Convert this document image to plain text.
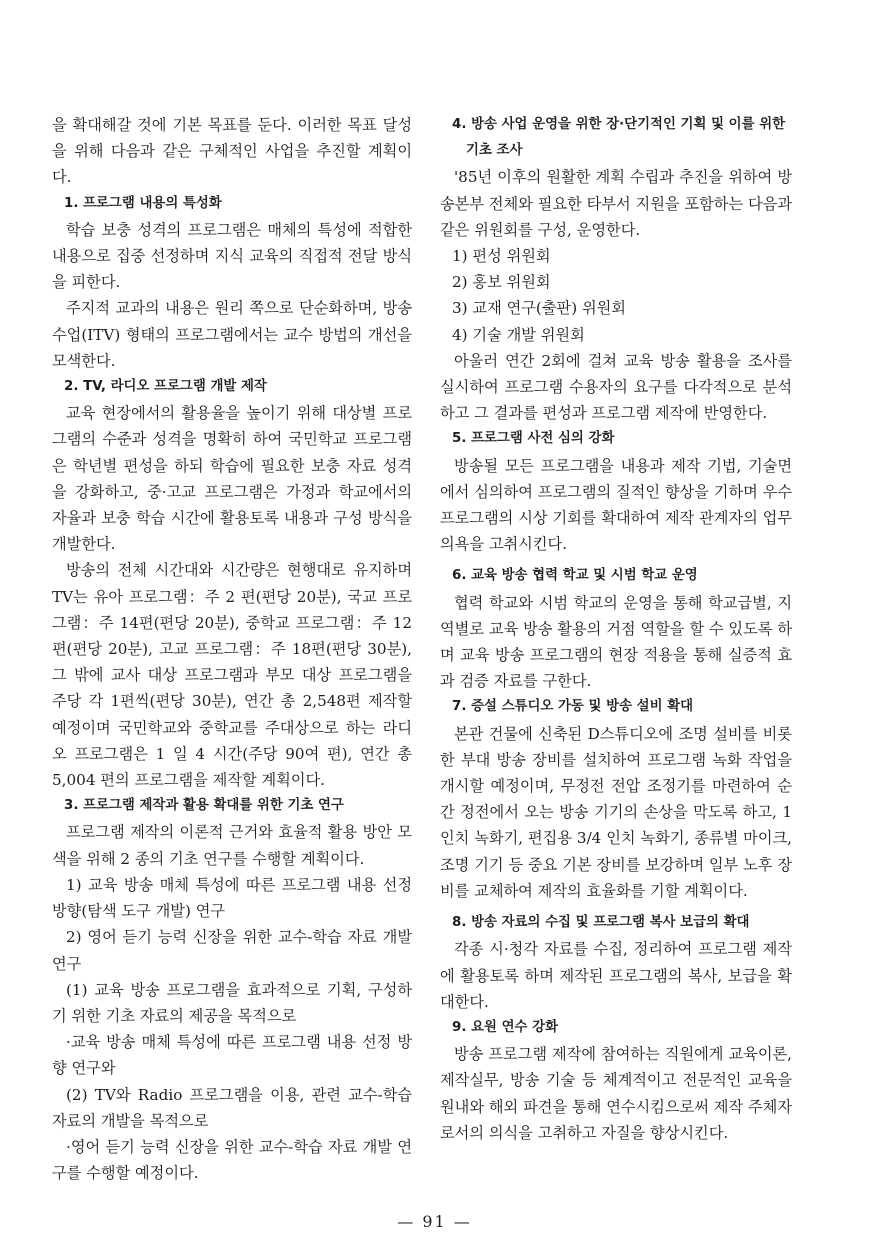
을 확대해갈 것에 기본 목표를 둔다. 이러한 목표 달성을 위해 다음과 같은 구체적인 사업을 추진할 계획이다.

1. 프로그램 내용의 특성화

학습 보충 성격의 프로그램은 매체의 특성에 적합한 내용으로 집중 선정하며 지식 교육의 직접적 전달 방식을 피한다.

주지적 교과의 내용은 원리 쪽으로 단순화하며, 방송 수업(ITV) 형태의 프로그램에서는 교수 방법의 개선을 모색한다.

2. TV, 라디오 프로그램 개발 제작

교육 현장에서의 활용율을 높이기 위해 대상별 프로그램의 수준과 성격을 명확히 하여 국민학교 프로그램은 학년별 편성을 하되 학습에 필요한 보충 자료 성격을 강화하고, 중·고교 프로그램은 가정과 학교에서의 자율과 보충 학습 시간에 활용토록 내용과 구성 방식을 개발한다.

방송의 전체 시간대와 시간량은 현행대로 유지하며 TV는 유아 프로그램：주 2 편(편당 20분), 국교 프로그램：주 14편(편당 20분), 중학교 프로그램：주 12편(편당 20분), 고교 프로그램：주 18편(편당 30분), 그 밖에 교사 대상 프로그램과 부모 대상 프로그램을 주당 각 1편씩(편당 30분), 연간 총 2,548편 제작할 예정이며 국민학교와 중학교를 주대상으로 하는 라디오 프로그램은 1 일 4 시간(주당 90여 편), 연간 총 5,004 편의 프로그램을 제작할 계획이다.

3. 프로그램 제작과 활용 확대를 위한 기초 연구

프로그램 제작의 이론적 근거와 효율적 활용 방안 모색을 위해 2 종의 기초 연구를 수행할 계획이다.

1) 교육 방송 매체 특성에 따른 프로그램 내용 선정 방향(탐색 도구 개발) 연구

2) 영어 듣기 능력 신장을 위한 교수-학습 자료 개발 연구

(1) 교육 방송 프로그램을 효과적으로 기획, 구성하기 위한 기초 자료의 제공을 목적으로

·교육 방송 매체 특성에 따른 프로그램 내용 선정 방향 연구와

(2) TV와 Radio 프로그램을 이용, 관련 교수-학습 자료의 개발을 목적으로

·영어 듣기 능력 신장을 위한 교수-학습 자료 개발 연구를 수행할 예정이다.

4. 방송 사업 운영을 위한 장·단기적인 기획 및 이를 위한 기초 조사

'85년 이후의 원활한 계획 수립과 추진을 위하여 방송본부 전체와 필요한 타부서 지원을 포함하는 다음과 같은 위원회를 구성, 운영한다.

1) 편성 위원회

2) 홍보 위원회

3) 교재 연구(출판) 위원회

4) 기술 개발 위원회

아울러 연간 2회에 걸쳐 교육 방송 활용을 조사를 실시하여 프로그램 수용자의 요구를 다각적으로 분석하고 그 결과를 편성과 프로그램 제작에 반영한다.

5. 프로그램 사전 심의 강화

방송될 모든 프로그램을 내용과 제작 기법, 기술면에서 심의하여 프로그램의 질적인 향상을 기하며 우수 프로그램의 시상 기회를 확대하여 제작 관계자의 업무 의욕을 고취시킨다.

6. 교육 방송 협력 학교 및 시범 학교 운영

협력 학교와 시범 학교의 운영을 통해 학교급별, 지역별로 교육 방송 활용의 거점 역할을 할 수 있도록 하며 교육 방송 프로그램의 현장 적용을 통해 실증적 효과 검증 자료를 구한다.

7. 증설 스튜디오 가동 및 방송 설비 확대

본관 건물에 신축된 D스튜디오에 조명 설비를 비롯한 부대 방송 장비를 설치하여 프로그램 녹화 작업을 개시할 예정이며, 무정전 전압 조정기를 마련하여 순간 정전에서 오는 방송 기기의 손상을 막도록 하고, 1 인치 녹화기, 편집용 3/4 인치 녹화기, 종류별 마이크, 조명 기기 등 중요 기본 장비를 보강하며 일부 노후 장비를 교체하여 제작의 효율화를 기할 계획이다.

8. 방송 자료의 수집 및 프로그램 복사 보급의 확대

각종 시·청각 자료를 수집, 정리하여 프로그램 제작에 활용토록 하며 제작된 프로그램의 복사, 보급을 확대한다.

9. 요원 연수 강화

방송 프로그램 제작에 참여하는 직원에게 교육이론, 제작실무, 방송 기술 등 체계적이고 전문적인 교육을 원내와 해외 파견을 통해 연수시킴으로써 제작 주체자로서의 의식을 고취하고 자질을 향상시킨다.

— 91 —
